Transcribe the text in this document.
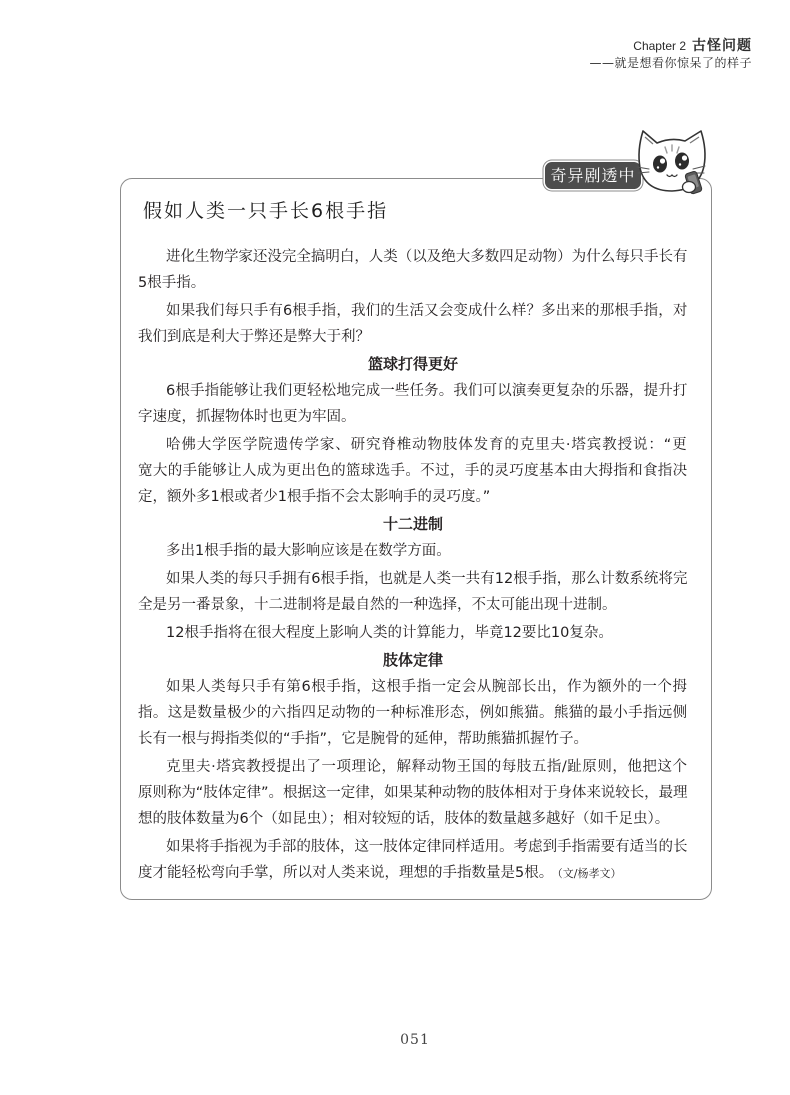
Chapter 2 古怪问题
——就是想看你惊呆了的样子
奇异剧透中
假如人类一只手长6根手指
进化生物学家还没完全搞明白，人类（以及绝大多数四足动物）为什么每只手长有
5根手指。
如果我们每只手有6根手指，我们的生活又会变成什么样？多出来的那根手指，对
我们到底是利大于弊还是弊大于利？
篮球打得更好
6根手指能够让我们更轻松地完成一些任务。我们可以演奏更复杂的乐器，提升打
字速度，抓握物体时也更为牢固。
哈佛大学医学院遗传学家、研究脊椎动物肢体发育的克里夫·塔宾教授说：“更
宽大的手能够让人成为更出色的篮球选手。不过，手的灵巧度基本由大拇指和食指决
定，额外多1根或者少1根手指不会太影响手的灵巧度。”
十二进制
多出1根手指的最大影响应该是在数学方面。
如果人类的每只手拥有6根手指，也就是人类一共有12根手指，那么计数系统将完
全是另一番景象，十二进制将是最自然的一种选择，不太可能出现十进制。
12根手指将在很大程度上影响人类的计算能力，毕竟12要比10复杂。
肢体定律
如果人类每只手有第6根手指，这根手指一定会从腕部长出，作为额外的一个拇
指。这是数量极少的六指四足动物的一种标准形态，例如熊猫。熊猫的最小手指远侧
长有一根与拇指类似的“手指”，它是腕骨的延伸，帮助熊猫抓握竹子。
克里夫·塔宾教授提出了一项理论，解释动物王国的每肢五指/趾原则，他把这个
原则称为“肢体定律”。根据这一定律，如果某种动物的肢体相对于身体来说较长，最理
想的肢体数量为6个（如昆虫）；相对较短的话，肢体的数量越多越好（如千足虫）。
如果将手指视为手部的肢体，这一肢体定律同样适用。考虑到手指需要有适当的长
度才能轻松弯向手掌，所以对人类来说，理想的手指数量是5根。 （文/杨孝文）
051
